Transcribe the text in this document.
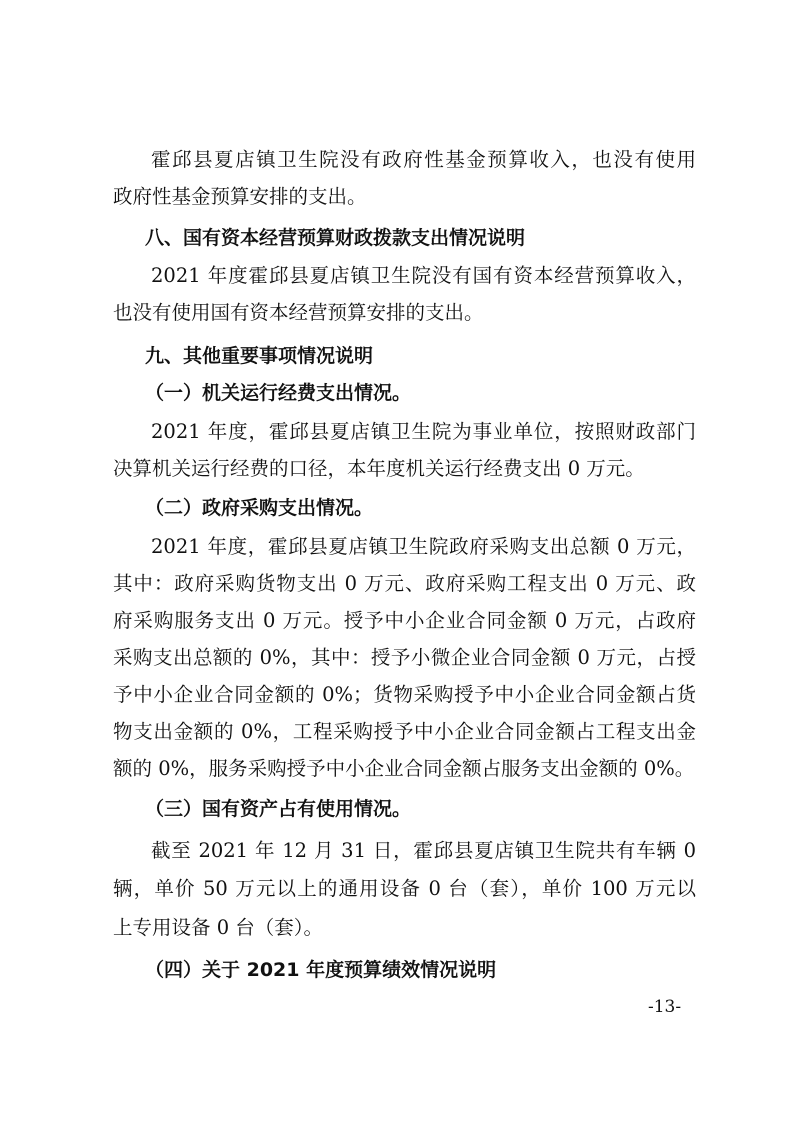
霍邱县夏店镇卫生院没有政府性基金预算收入，也没有使用
政府性基金预算安排的支出。
八、国有资本经营预算财政拨款支出情况说明
2021 年度霍邱县夏店镇卫生院没有国有资本经营预算收入，
也没有使用国有资本经营预算安排的支出。
九、其他重要事项情况说明
（一）机关运行经费支出情况。
2021 年度，霍邱县夏店镇卫生院为事业单位，按照财政部门
决算机关运行经费的口径，本年度机关运行经费支出 0 万元。
（二）政府采购支出情况。
2021 年度，霍邱县夏店镇卫生院政府采购支出总额 0 万元，
其中：政府采购货物支出 0 万元、政府采购工程支出 0 万元、政
府采购服务支出 0 万元。授予中小企业合同金额 0 万元，占政府
采购支出总额的 0%，其中：授予小微企业合同金额 0 万元，占授
予中小企业合同金额的 0%；货物采购授予中小企业合同金额占货
物支出金额的 0%，工程采购授予中小企业合同金额占工程支出金
额的 0%，服务采购授予中小企业合同金额占服务支出金额的 0%。
（三）国有资产占有使用情况。
截至 2021 年 12 月 31 日，霍邱县夏店镇卫生院共有车辆 0
辆，单价 50 万元以上的通用设备 0 台（套），单价 100 万元以
上专用设备 0 台（套）。
（四）关于 2021 年度预算绩效情况说明
-13-
